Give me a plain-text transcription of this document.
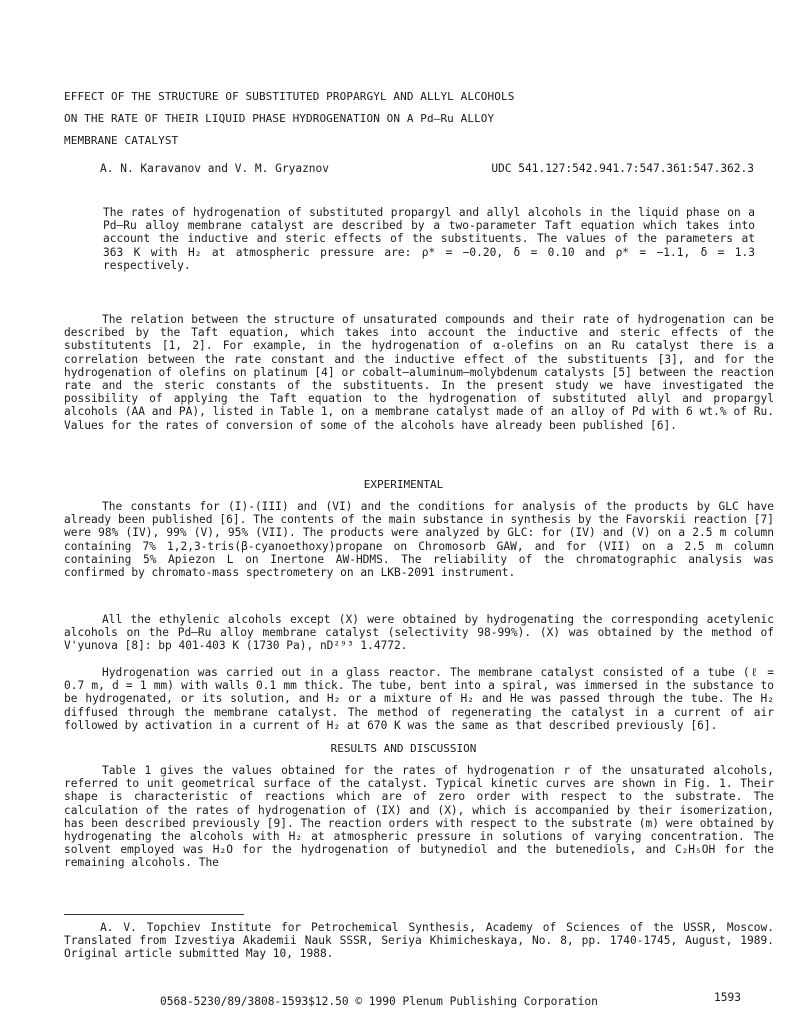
EFFECT OF THE STRUCTURE OF SUBSTITUTED PROPARGYL AND ALLYL ALCOHOLS
ON THE RATE OF THEIR LIQUID PHASE HYDROGENATION ON A Pd–Ru ALLOY
MEMBRANE CATALYST
A. N. Karavanov and V. M. Gryaznov	UDC 541.127:542.941.7:547.361:547.362.3

The rates of hydrogenation of substituted propargyl and allyl alcohols in the liquid phase on a Pd–Ru alloy membrane catalyst are described by a two-parameter Taft equation which takes into account the inductive and steric effects of the substituents. The values of the parameters at 363 K with H₂ at atmospheric pressure are: ρ* = −0.20, δ = 0.10 and ρ* = −1.1, δ = 1.3 respectively.

The relation between the structure of unsaturated compounds and their rate of hydrogenation can be described by the Taft equation, which takes into account the inductive and steric effects of the substitutents [1, 2]. For example, in the hydrogenation of α-olefins on an Ru catalyst there is a correlation between the rate constant and the inductive effect of the substituents [3], and for the hydrogenation of olefins on platinum [4] or cobalt–aluminum–molybdenum catalysts [5] between the reaction rate and the steric constants of the substituents. In the present study we have investigated the possibility of applying the Taft equation to the hydrogenation of substituted allyl and propargyl alcohols (AA and PA), listed in Table 1, on a membrane catalyst made of an alloy of Pd with 6 wt.% of Ru. Values for the rates of conversion of some of the alcohols have already been published [6].

EXPERIMENTAL

The constants for (I)-(III) and (VI) and the conditions for analysis of the products by GLC have already been published [6]. The contents of the main substance in synthesis by the Favorskii reaction [7] were 98% (IV), 99% (V), 95% (VII). The products were analyzed by GLC: for (IV) and (V) on a 2.5 m column containing 7% 1,2,3-tris(β-cyanoethoxy)propane on Chromosorb GAW, and for (VII) on a 2.5 m column containing 5% Apiezon L on Inertone AW-HDMS. The reliability of the chromatographic analysis was confirmed by chromato-mass spectrometery on an LKB-2091 instrument.

All the ethylenic alcohols except (X) were obtained by hydrogenating the corresponding acetylenic alcohols on the Pd–Ru alloy membrane catalyst (selectivity 98-99%). (X) was obtained by the method of V'yunova [8]: bp 401-403 K (1730 Pa), nD²⁹³ 1.4772.

Hydrogenation was carried out in a glass reactor. The membrane catalyst consisted of a tube (ℓ = 0.7 m, d = 1 mm) with walls 0.1 mm thick. The tube, bent into a spiral, was immersed in the substance to be hydrogenated, or its solution, and H₂ or a mixture of H₂ and He was passed through the tube. The H₂ diffused through the membrane catalyst. The method of regenerating the catalyst in a current of air followed by activation in a current of H₂ at 670 K was the same as that described previously [6].

RESULTS AND DISCUSSION

Table 1 gives the values obtained for the rates of hydrogenation r of the unsaturated alcohols, referred to unit geometrical surface of the catalyst. Typical kinetic curves are shown in Fig. 1. Their shape is characteristic of reactions which are of zero order with respect to the substrate. The calculation of the rates of hydrogenation of (IX) and (X), which is accompanied by their isomerization, has been described previously [9]. The reaction orders with respect to the substrate (m) were obtained by hydrogenating the alcohols with H₂ at atmospheric pressure in solutions of varying concentration. The solvent employed was H₂O for the hydrogenation of butynediol and the butenediols, and C₂H₅OH for the remaining alcohols. The

A. V. Topchiev Institute for Petrochemical Synthesis, Academy of Sciences of the USSR, Moscow. Translated from Izvestiya Akademii Nauk SSSR, Seriya Khimicheskaya, No. 8, pp. 1740-1745, August, 1989. Original article submitted May 10, 1988.

0568-5230/89/3808-1593$12.50 © 1990 Plenum Publishing Corporation	1593
